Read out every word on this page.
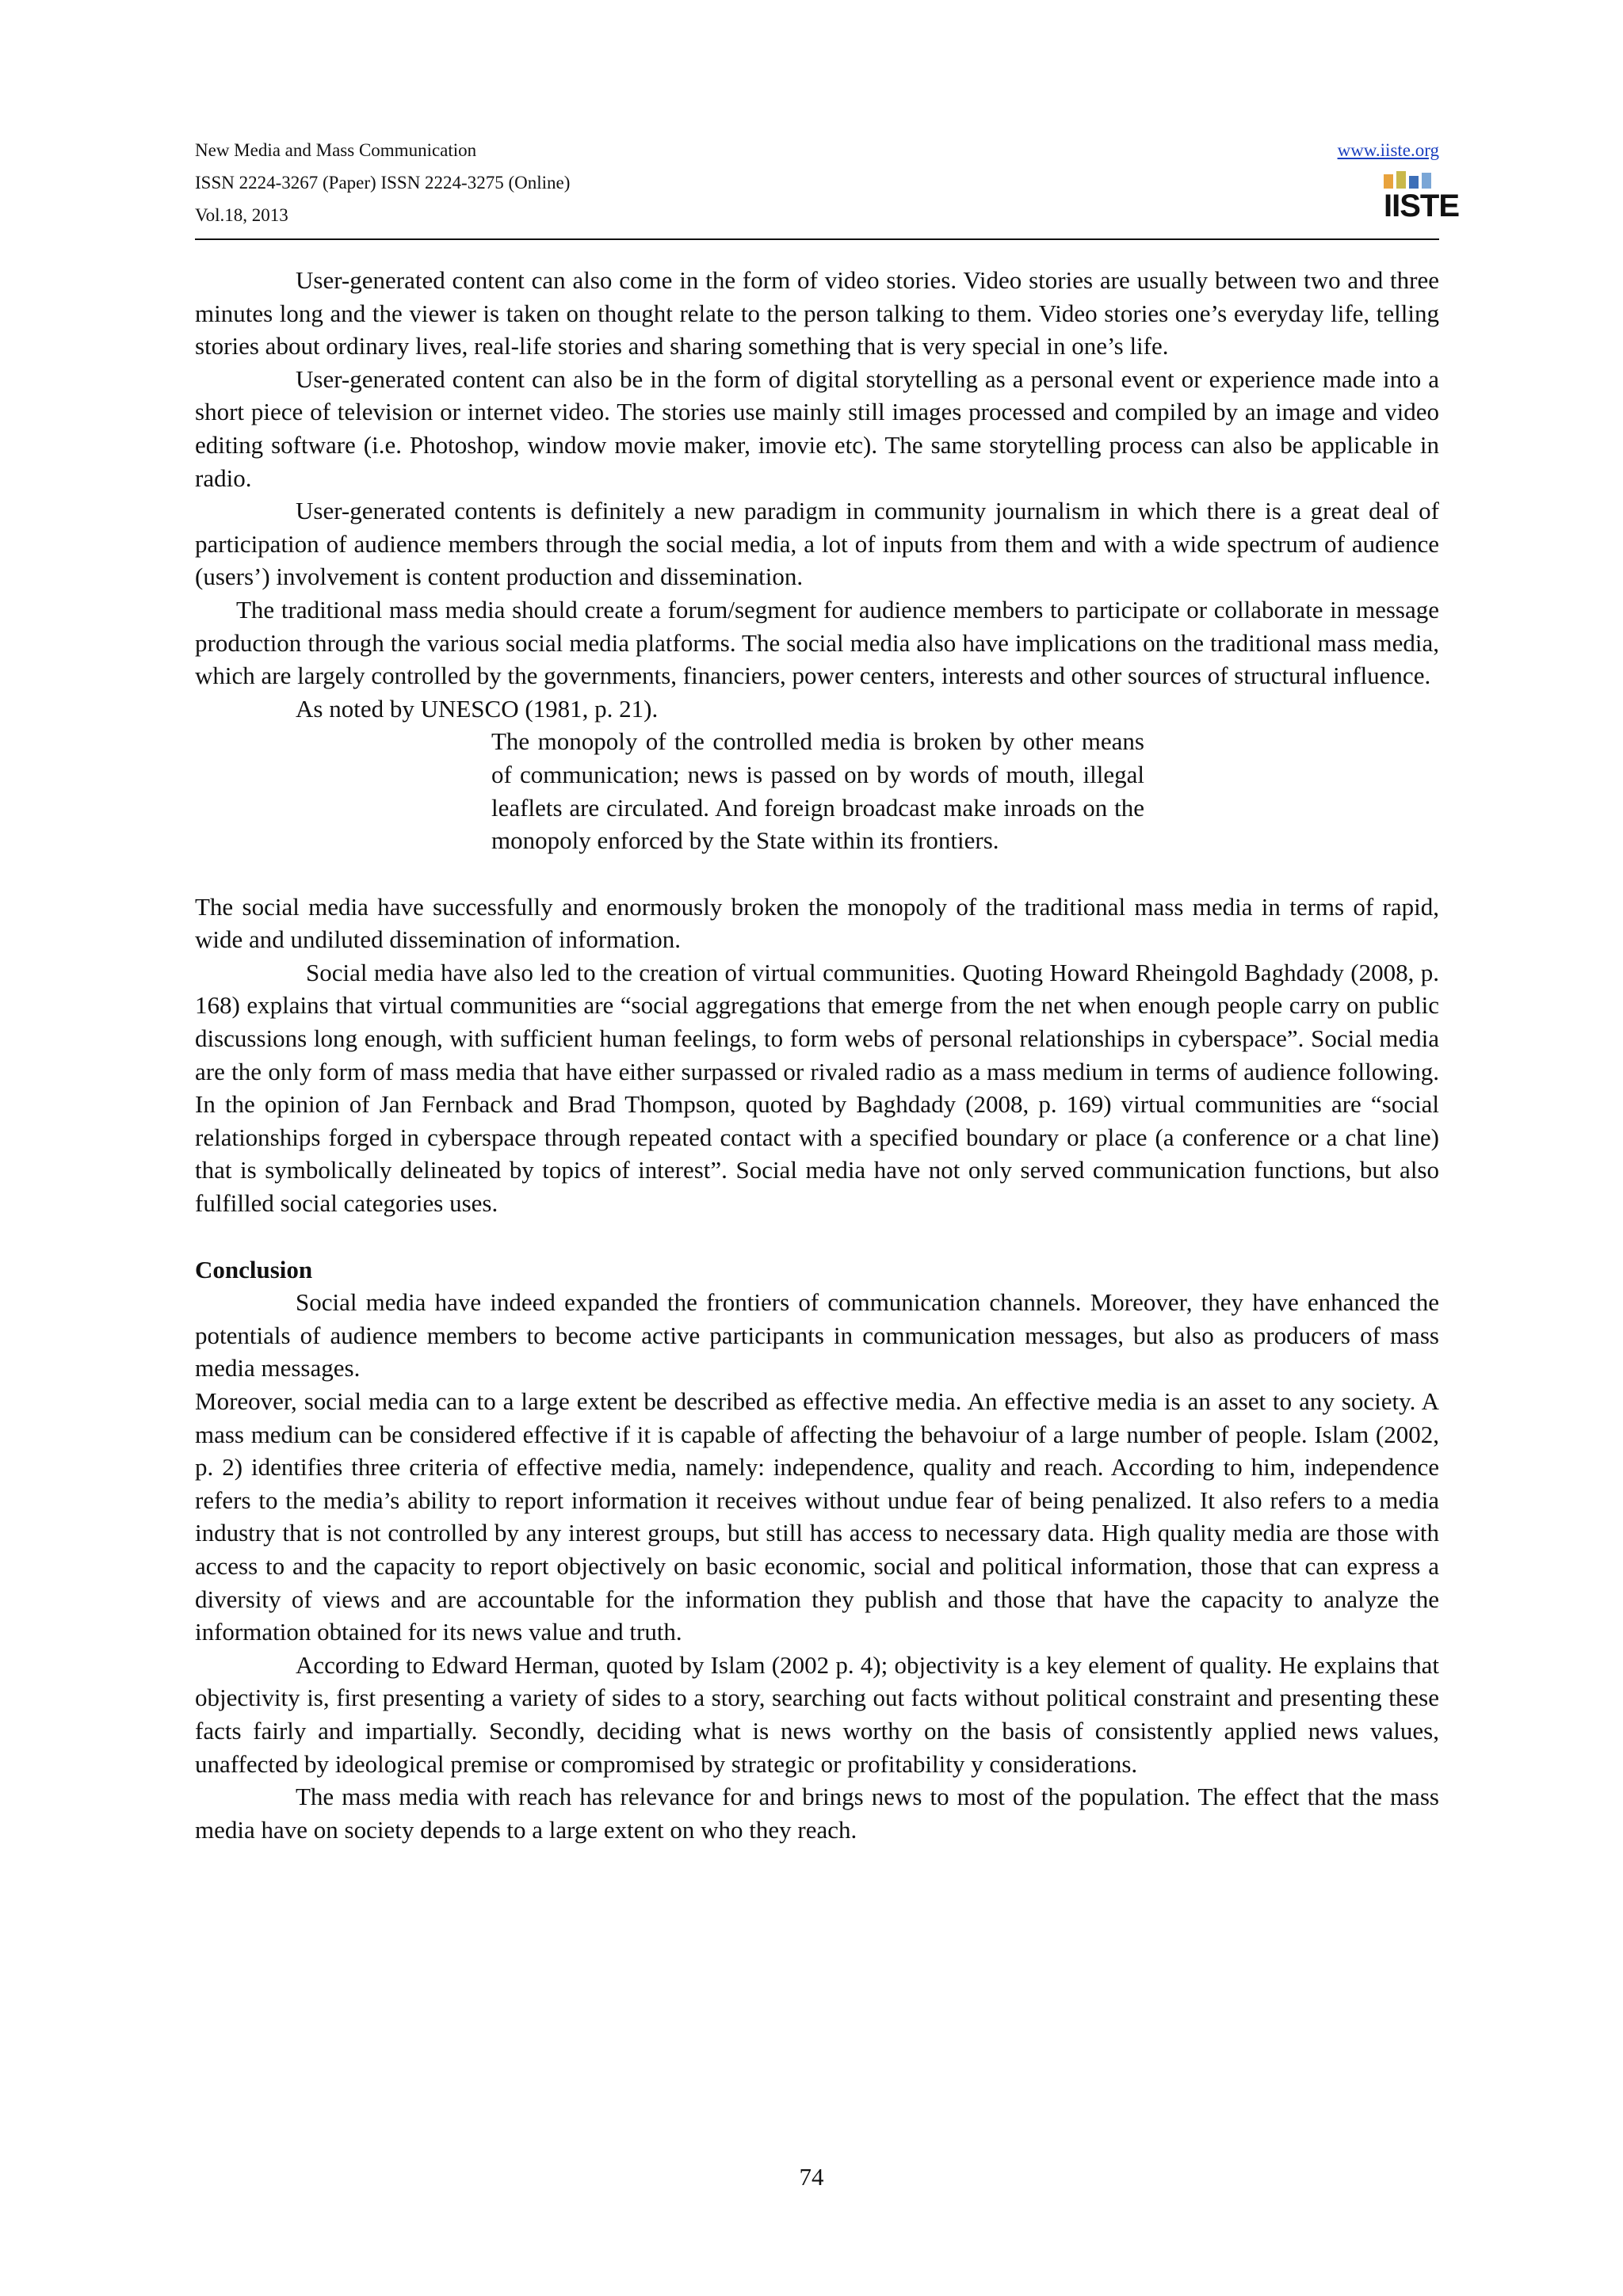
New Media and Mass Communication
ISSN 2224-3267 (Paper) ISSN 2224-3275 (Online)
Vol.18, 2013
www.iiste.org
IISTE

User-generated content can also come in the form of video stories. Video stories are usually between two and three minutes long and the viewer is taken on thought relate to the person talking to them. Video stories one’s everyday life, telling stories about ordinary lives, real-life stories and sharing something that is very special in one’s life.

User-generated content can also be in the form of digital storytelling as a personal event or experience made into a short piece of television or internet video. The stories use mainly still images processed and compiled by an image and video editing software (i.e. Photoshop, window movie maker, imovie etc). The same storytelling process can also be applicable in radio.

User-generated contents is definitely a new paradigm in community journalism in which there is a great deal of participation of audience members through the social media, a lot of inputs from them and with a wide spectrum of audience (users’) involvement is content production and dissemination.

The traditional mass media should create a forum/segment for audience members to participate or collaborate in message production through the various social media platforms. The social media also have implications on the traditional mass media, which are largely controlled by the governments, financiers, power centers, interests and other sources of structural influence.

As noted by UNESCO (1981, p. 21).

The monopoly of the controlled media is broken by other means of communication; news is passed on by words of mouth, illegal leaflets are circulated. And foreign broadcast make inroads on the monopoly enforced by the State within its frontiers.

The social media have successfully and enormously broken the monopoly of the traditional mass media in terms of rapid, wide and undiluted dissemination of information.

Social media have also led to the creation of virtual communities. Quoting Howard Rheingold Baghdady (2008, p. 168) explains that virtual communities are “social aggregations that emerge from the net when enough people carry on public discussions long enough, with sufficient human feelings, to form webs of personal relationships in cyberspace”. Social media are the only form of mass media that have either surpassed or rivaled radio as a mass medium in terms of audience following. In the opinion of Jan Fernback and Brad Thompson, quoted by Baghdady (2008, p. 169) virtual communities are “social relationships forged in cyberspace through repeated contact with a specified boundary or place (a conference or a chat line) that is symbolically delineated by topics of interest”. Social media have not only served communication functions, but also fulfilled social categories uses.

Conclusion

Social media have indeed expanded the frontiers of communication channels. Moreover, they have enhanced the potentials of audience members to become active participants in communication messages, but also as producers of mass media messages.

Moreover, social media can to a large extent be described as effective media. An effective media is an asset to any society. A mass medium can be considered effective if it is capable of affecting the behavoiur of a large number of people. Islam (2002, p. 2) identifies three criteria of effective media, namely: independence, quality and reach. According to him, independence refers to the media’s ability to report information it receives without undue fear of being penalized. It also refers to a media industry that is not controlled by any interest groups, but still has access to necessary data. High quality media are those with access to and the capacity to report objectively on basic economic, social and political information, those that can express a diversity of views and are accountable for the information they publish and those that have the capacity to analyze the information obtained for its news value and truth.

According to Edward Herman, quoted by Islam (2002 p. 4); objectivity is a key element of quality. He explains that objectivity is, first presenting a variety of sides to a story, searching out facts without political constraint and presenting these facts fairly and impartially. Secondly, deciding what is news worthy on the basis of consistently applied news values, unaffected by ideological premise or compromised by strategic or profitability y considerations.

The mass media with reach has relevance for and brings news to most of the population. The effect that the mass media have on society depends to a large extent on who they reach.

74
